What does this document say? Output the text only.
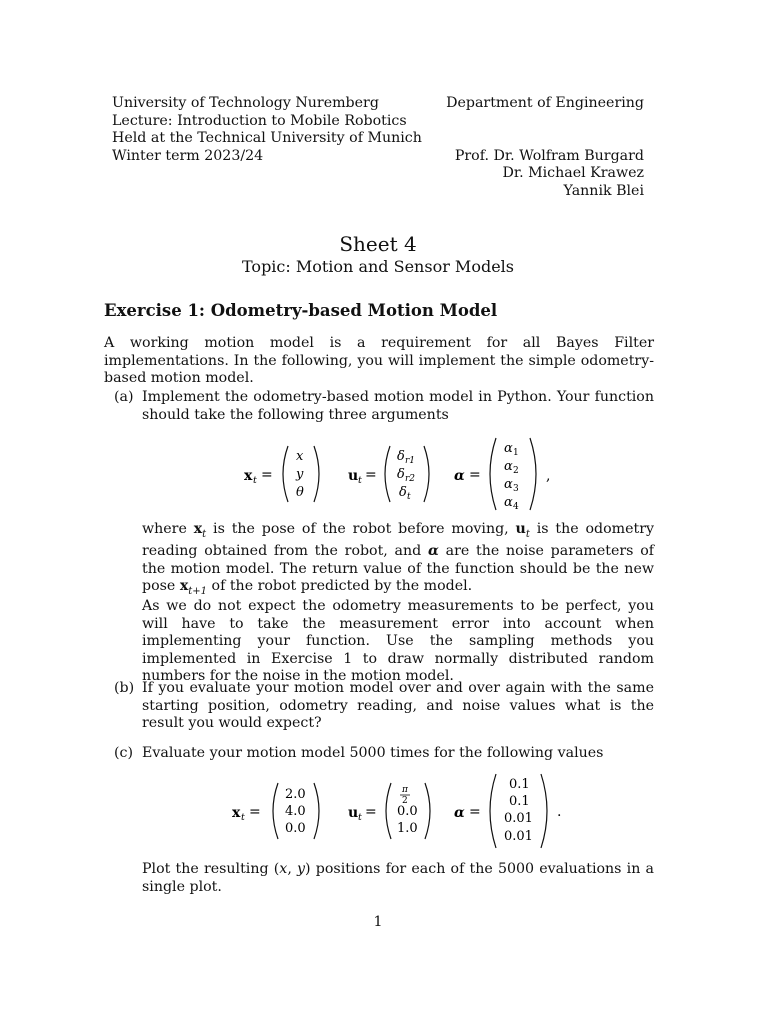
University of Technology Nuremberg
Lecture: Introduction to Mobile Robotics
Held at the Technical University of Munich
Winter term 2023/24
Department of Engineering
Prof. Dr. Wolfram Burgard
Dr. Michael Krawez
Yannik Blei
Sheet 4
Topic: Motion and Sensor Models
Exercise 1: Odometry-based Motion Model
A working motion model is a requirement for all Bayes Filter implementations. In the following, you will implement the simple odometry-based motion model.
(a) Implement the odometry-based motion model in Python. Your function should take the following three arguments
x t =
x
y
θ
u t =
δ r1
δ r2
δ t
α =
α 1
α 2
α 3
α 4
,
where $x_t$ is the pose of the robot before moving, $u_t$ is the odometry reading obtained from the robot, and α are the noise parameters of the motion model. The return value of the function should be the new pose $x_{t+1}$ of the robot predicted by the model.
As we do not expect the odometry measurements to be perfect, you will have to take the measurement error into account when implementing your function. Use the sampling methods you implemented in Exercise 1 to draw normally distributed random numbers for the noise in the motion model.
(b) If you evaluate your motion model over and over again with the same starting position, odometry reading, and noise values what is the result you would expect?
(c) Evaluate your motion model 5000 times for the following values
x t =
2.0
4.0
0.0
u t =
π
2
0.0
1.0
α =
0.1
0.1
0.01
0.01
.
Plot the resulting (x, y) positions for each of the 5000 evaluations in a single plot.
1
